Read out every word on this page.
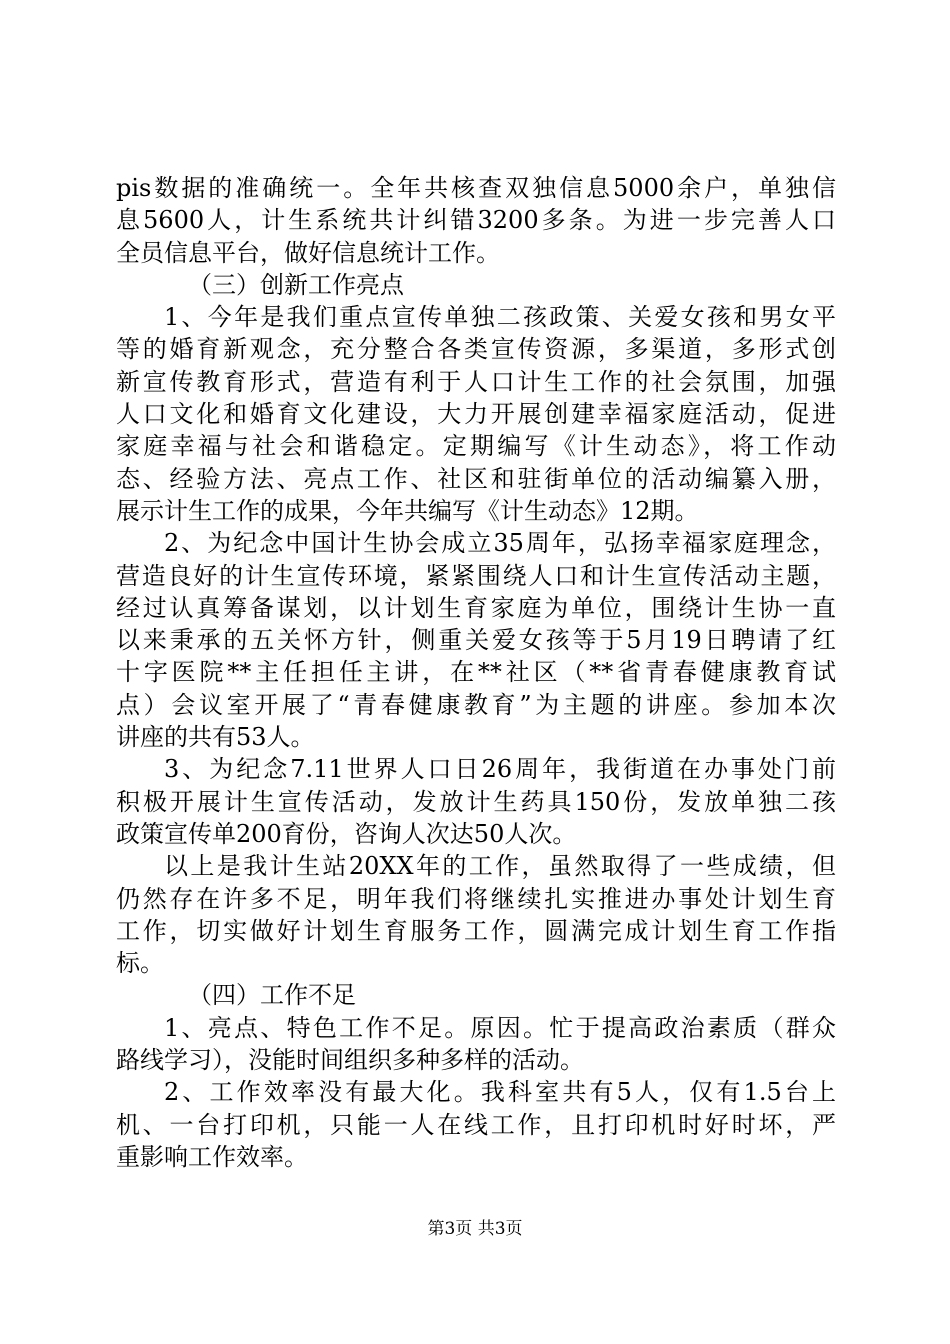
pis数据的准确统一。全年共核查双独信息5000余户，单独信
息5600人，计生系统共计纠错3200多条。为进一步完善人口
全员信息平台，做好信息统计工作。
（三）创新工作亮点
1、今年是我们重点宣传单独二孩政策、关爱女孩和男女平
等的婚育新观念，充分整合各类宣传资源，多渠道，多形式创
新宣传教育形式，营造有利于人口计生工作的社会氛围，加强
人口文化和婚育文化建设，大力开展创建幸福家庭活动，促进
家庭幸福与社会和谐稳定。定期编写《计生动态》，将工作动
态、经验方法、亮点工作、社区和驻街单位的活动编纂入册，
展示计生工作的成果，今年共编写《计生动态》12期。
2、为纪念中国计生协会成立35周年，弘扬幸福家庭理念，
营造良好的计生宣传环境，紧紧围绕人口和计生宣传活动主题，
经过认真筹备谋划，以计划生育家庭为单位，围绕计生协一直
以来秉承的五关怀方针，侧重关爱女孩等于5月19日聘请了红
十字医院**主任担任主讲，在**社区（**省青春健康教育试
点）会议室开展了“青春健康教育”为主题的讲座。参加本次
讲座的共有53人。
3、为纪念7.11世界人口日26周年，我街道在办事处门前
积极开展计生宣传活动，发放计生药具150份，发放单独二孩
政策宣传单200育份，咨询人次达50人次。
以上是我计生站20XX年的工作，虽然取得了一些成绩，但
仍然存在许多不足，明年我们将继续扎实推进办事处计划生育
工作，切实做好计划生育服务工作，圆满完成计划生育工作指
标。
（四）工作不足
1、亮点、特色工作不足。原因。忙于提高政治素质（群众
路线学习），没能时间组织多种多样的活动。
2、工作效率没有最大化。我科室共有5人，仅有1.5台上
机、一台打印机，只能一人在线工作，且打印机时好时坏，严
重影响工作效率。
第3页 共3页
